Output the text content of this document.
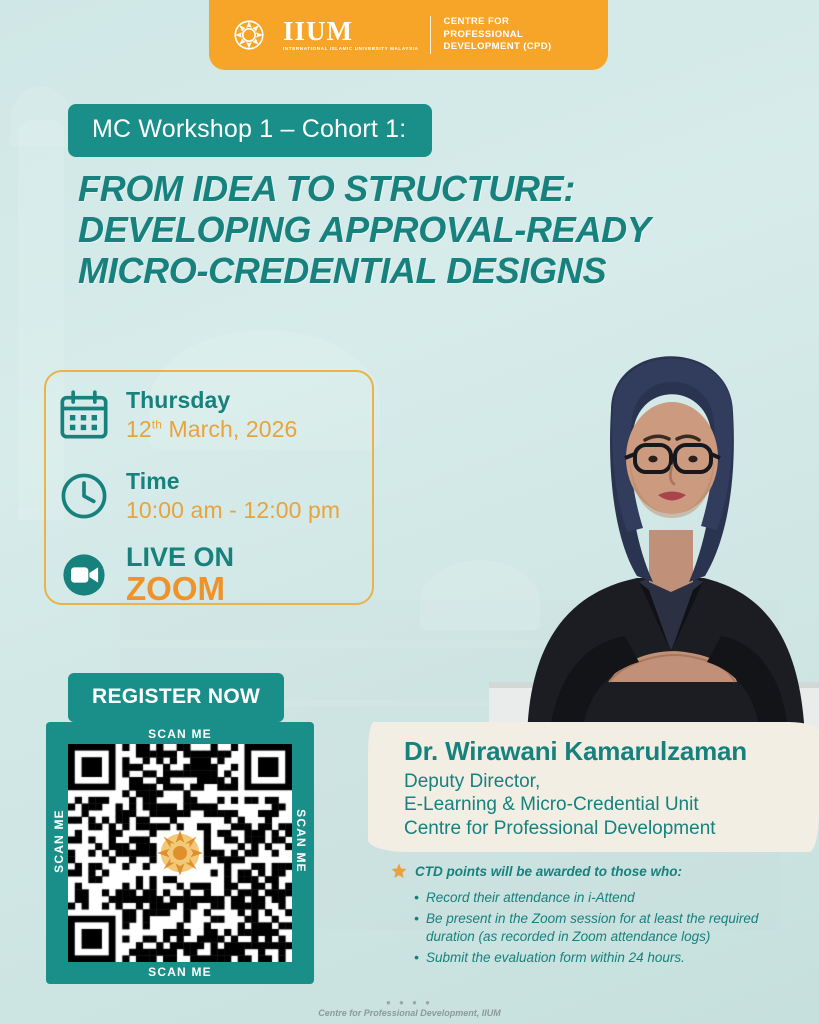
IIUM
INTERNATIONAL ISLAMIC UNIVERSITY MALAYSIA
CENTRE FOR
PROFESSIONAL DEVELOPMENT (CPD)
MC Workshop 1 – Cohort 1:
FROM IDEA TO STRUCTURE: DEVELOPING APPROVAL-READY MICRO-CREDENTIAL DESIGNS
Thursday
12th March, 2026
Time
10:00 am - 12:00 pm
LIVE ON
ZOOM
REGISTER NOW
SCAN ME
SCAN ME
SCAN ME	SCAN ME
Dr. Wirawani Kamarulzaman
Deputy Director,
E-Learning & Micro-Credential Unit
Centre for Professional Development
CTD points will be awarded to those who:
• Record their attendance in i-Attend
• Be present in the Zoom session for at least the required duration (as recorded in Zoom attendance logs)
• Submit the evaluation form within 24 hours.
● ● ● ●
Centre for Professional Development, IIUM
